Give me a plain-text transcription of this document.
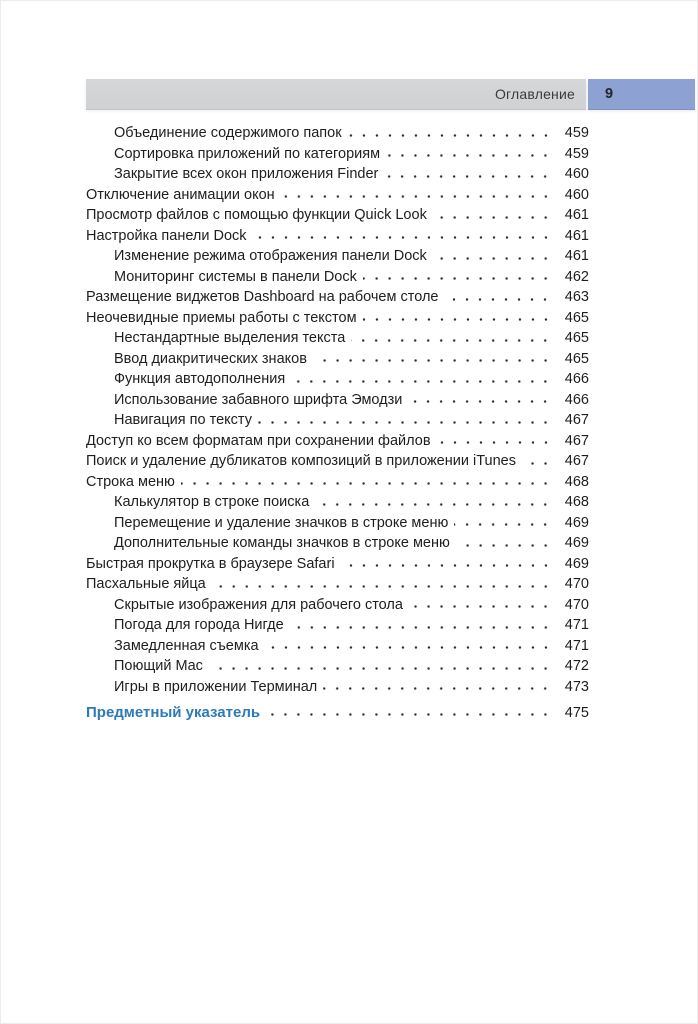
Оглавление 9
Объединение содержимого папок	459
Сортировка приложений по категориям	459
Закрытие всех окон приложения Finder	460
Отключение анимации окон	460
Просмотр файлов с помощью функции Quick Look	461
Настройка панели Dock	461
Изменение режима отображения панели Dock	461
Мониторинг системы в панели Dock	462
Размещение виджетов Dashboard на рабочем столе	463
Неочевидные приемы работы с текстом	465
Нестандартные выделения текста	465
Ввод диакритических знаков	465
Функция автодополнения	466
Использование забавного шрифта Эмодзи	466
Навигация по тексту	467
Доступ ко всем форматам при сохранении файлов	467
Поиск и удаление дубликатов композиций в приложении iTunes	467
Строка меню	468
Калькулятор в строке поиска	468
Перемещение и удаление значков в строке меню	469
Дополнительные команды значков в строке меню	469
Быстрая прокрутка в браузере Safari	469
Пасхальные яйца	470
Скрытые изображения для рабочего стола	470
Погода для города Нигде	471
Замедленная съемка	471
Поющий Mac	472
Игры в приложении Терминал	473
Предметный указатель	475
